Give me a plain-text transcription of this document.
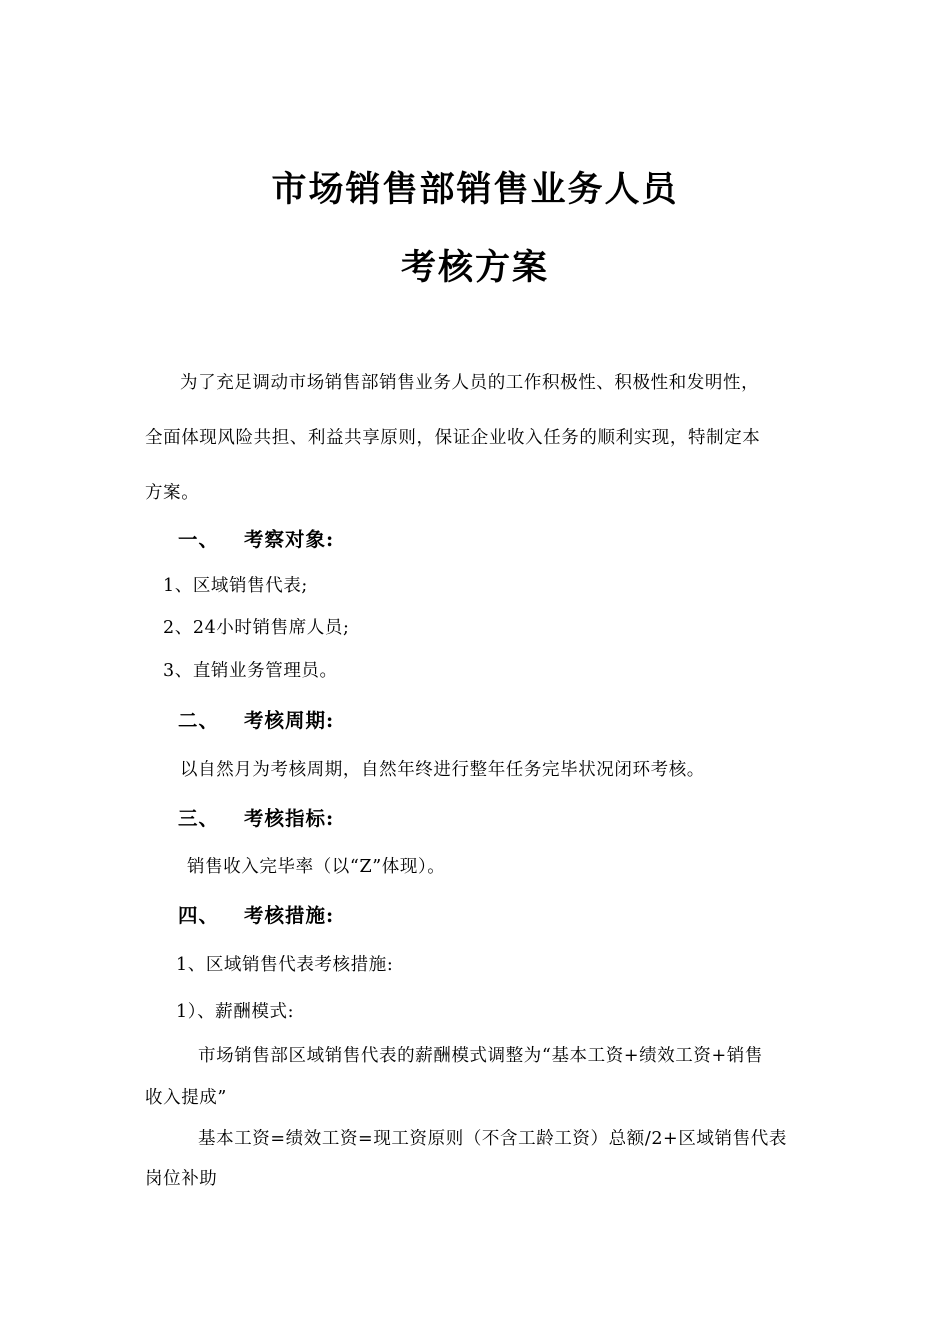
市场销售部销售业务人员
考核方案

为了充足调动市场销售部销售业务人员的工作积极性、积极性和发明性，

全面体现风险共担、利益共享原则，保证企业收入任务的顺利实现，特制定本

方案。

一、 考察对象:

1、区域销售代表;

2、24小时销售席人员;

3、直销业务管理员。

二、 考核周期:

以自然月为考核周期，自然年终进行整年任务完毕状况闭环考核。

三、 考核指标:

销售收入完毕率（以“Z”体现）。

四、 考核措施:

1、区域销售代表考核措施:

1）、薪酬模式:

市场销售部区域销售代表的薪酬模式调整为“基本工资+绩效工资+销售

收入提成”

基本工资=绩效工资=现工资原则（不含工龄工资）总额/2+区域销售代表

岗位补助
